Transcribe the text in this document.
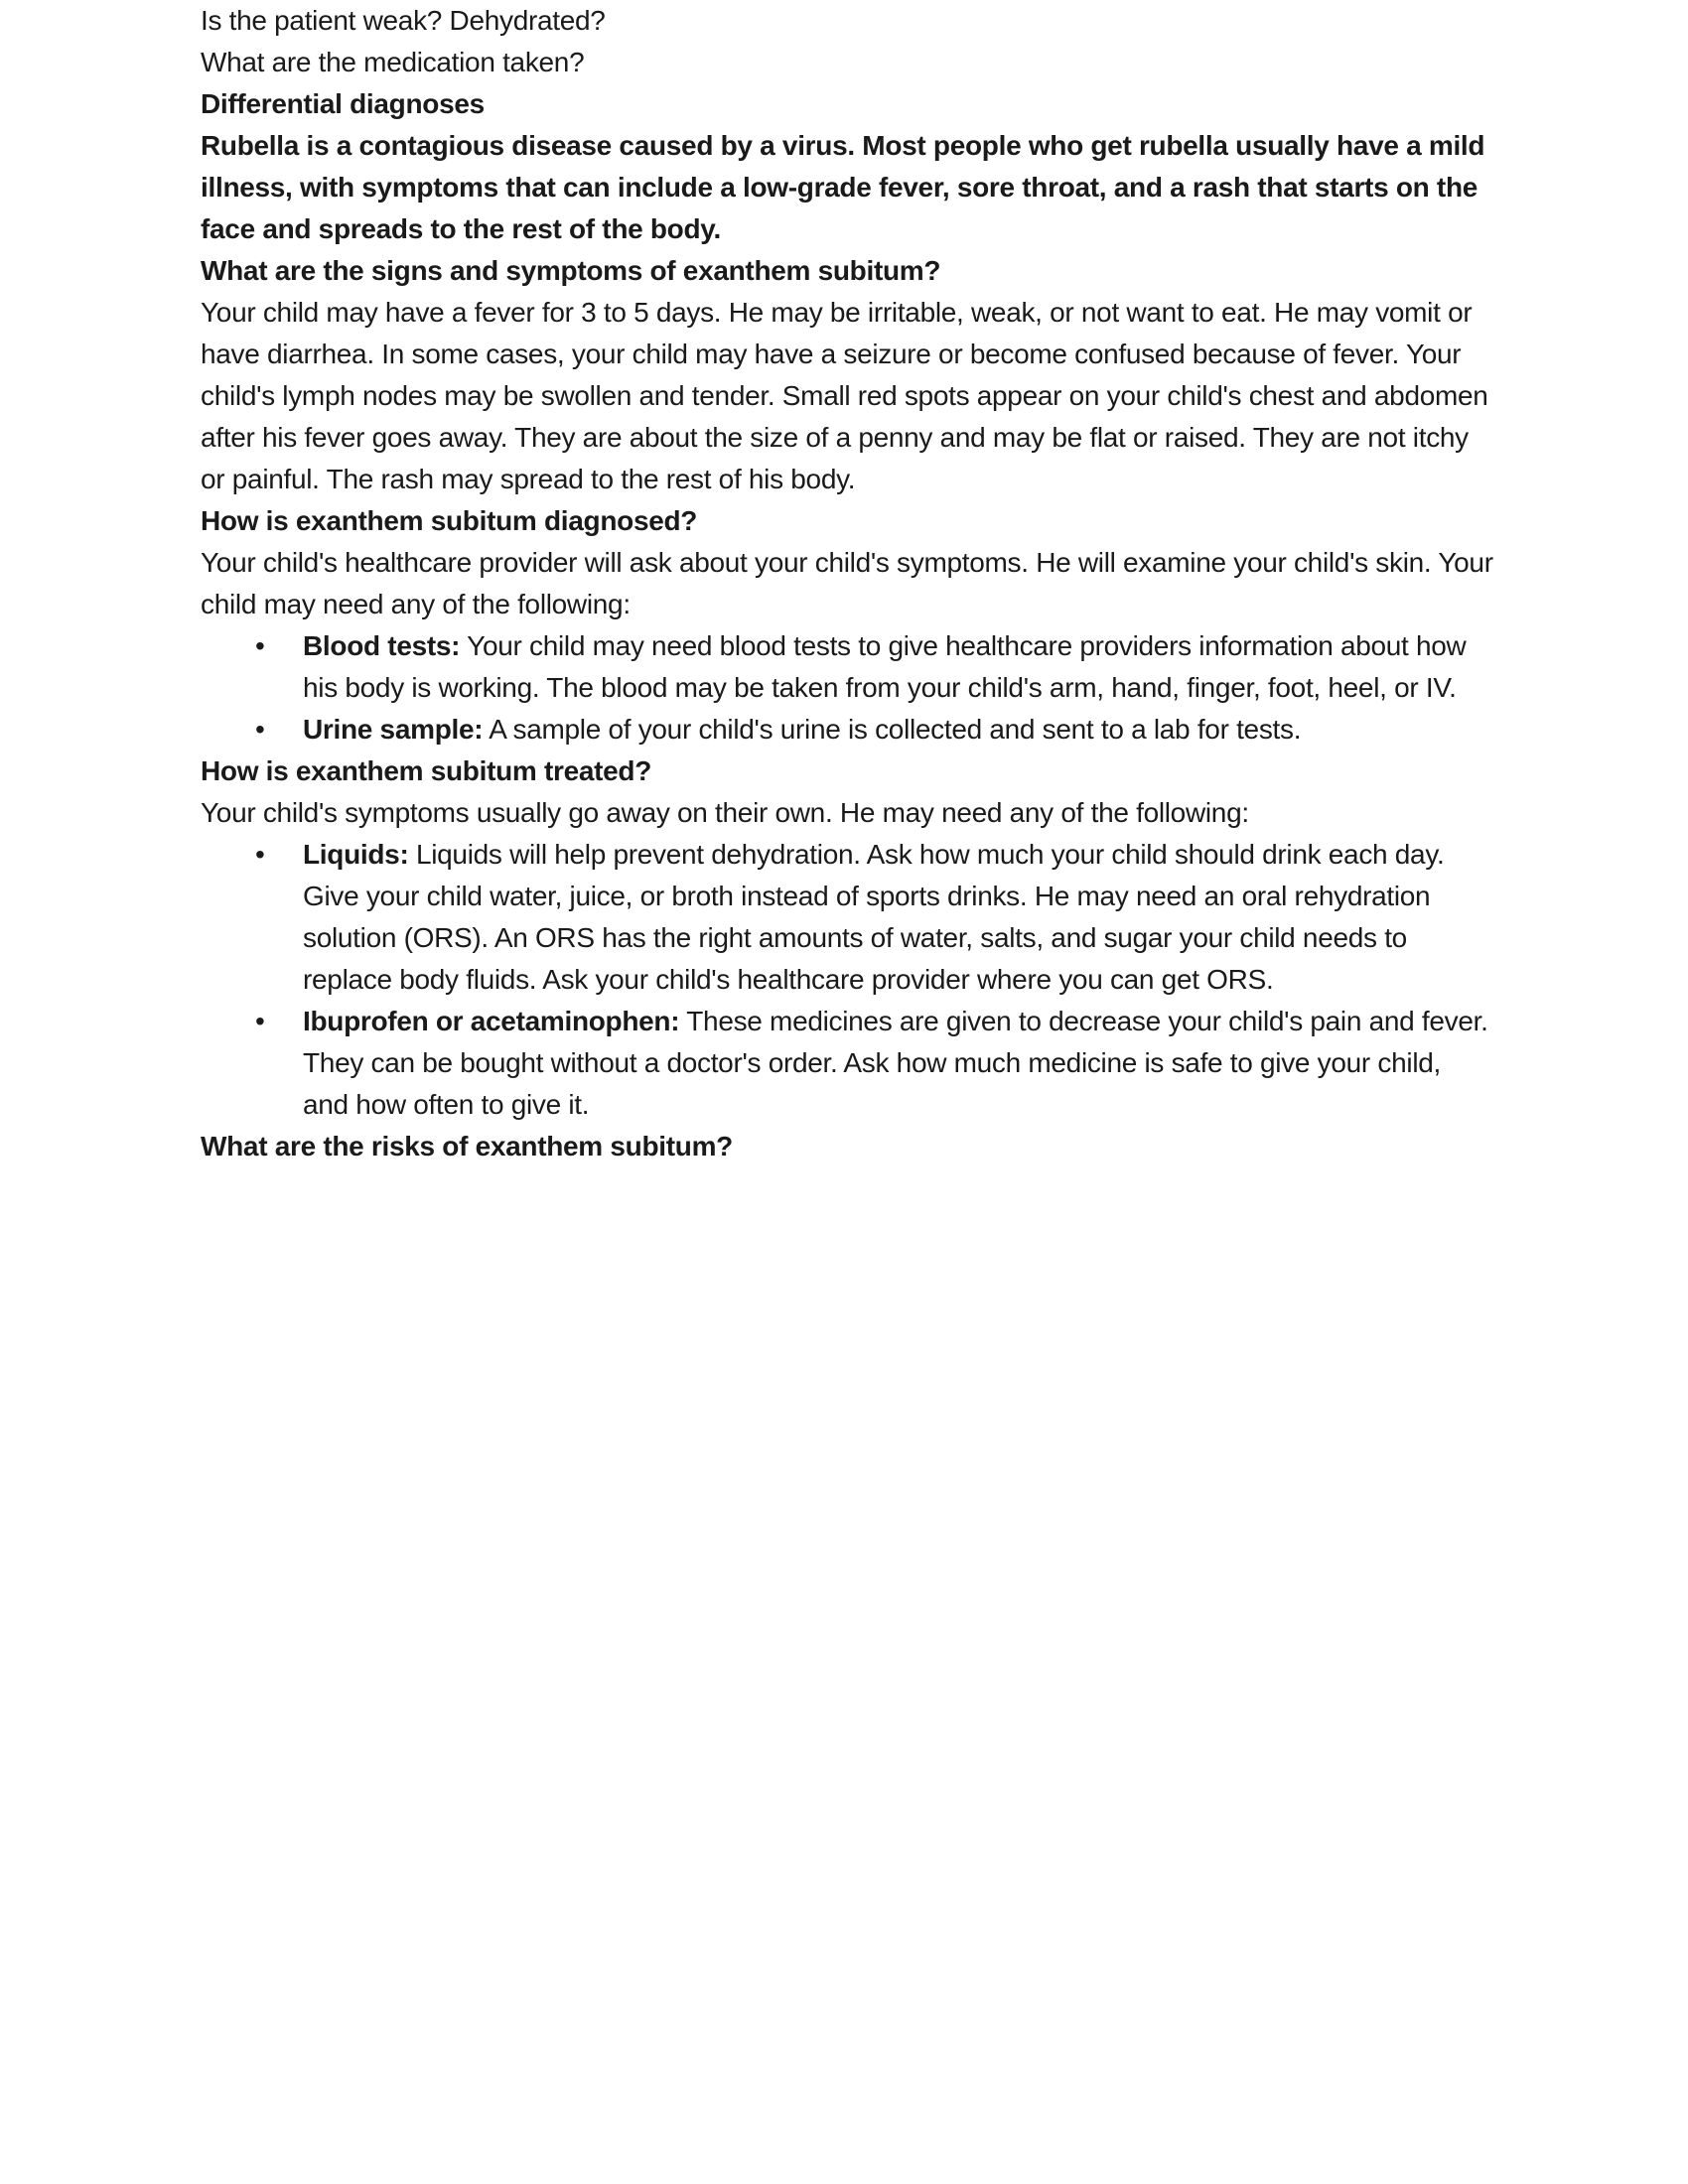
Is the patient weak? Dehydrated?

What are the medication taken?

Differential diagnoses

Rubella is a contagious disease caused by a virus. Most people who get rubella usually have a mild illness, with symptoms that can include a low-grade fever, sore throat, and a rash that starts on the face and spreads to the rest of the body.

What are the signs and symptoms of exanthem subitum?

Your child may have a fever for 3 to 5 days. He may be irritable, weak, or not want to eat. He may vomit or have diarrhea. In some cases, your child may have a seizure or become confused because of fever. Your child's lymph nodes may be swollen and tender. Small red spots appear on your child's chest and abdomen after his fever goes away. They are about the size of a penny and may be flat or raised. They are not itchy or painful. The rash may spread to the rest of his body.

How is exanthem subitum diagnosed?

Your child's healthcare provider will ask about your child's symptoms. He will examine your child's skin. Your child may need any of the following:

• Blood tests: Your child may need blood tests to give healthcare providers information about how his body is working. The blood may be taken from your child's arm, hand, finger, foot, heel, or IV.
• Urine sample: A sample of your child's urine is collected and sent to a lab for tests.
How is exanthem subitum treated?

Your child's symptoms usually go away on their own. He may need any of the following:

• Liquids: Liquids will help prevent dehydration. Ask how much your child should drink each day. Give your child water, juice, or broth instead of sports drinks. He may need an oral rehydration solution (ORS). An ORS has the right amounts of water, salts, and sugar your child needs to replace body fluids. Ask your child's healthcare provider where you can get ORS.
• Ibuprofen or acetaminophen: These medicines are given to decrease your child's pain and fever. They can be bought without a doctor's order. Ask how much medicine is safe to give your child, and how often to give it.
What are the risks of exanthem subitum?
